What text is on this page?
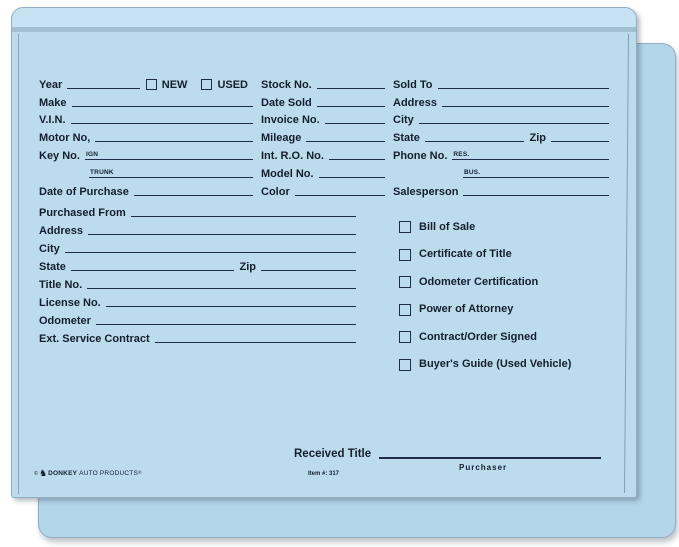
Year	NEW	USED	Stock No.	Sold To
Make	Date Sold	Address
V.I.N.	Invoice No.	City
Motor No,	Mileage	State	Zip
Key No. IGN	Int. R.O. No.	Phone No. RES.
TRUNK	Model No.	BUS.
Date of Purchase	Color	Salesperson
Purchased From
Address
City
State	Zip
Title No.
License No.
Odometer
Ext. Service Contract
Bill of Sale
Certificate of Title
Odometer Certification
Power of Attorney
Contract/Order Signed
Buyer's Guide (Used Vehicle)
Received Title
Purchaser
© ♞ DONKEY AUTO PRODUCTS ®	Item #: 317
